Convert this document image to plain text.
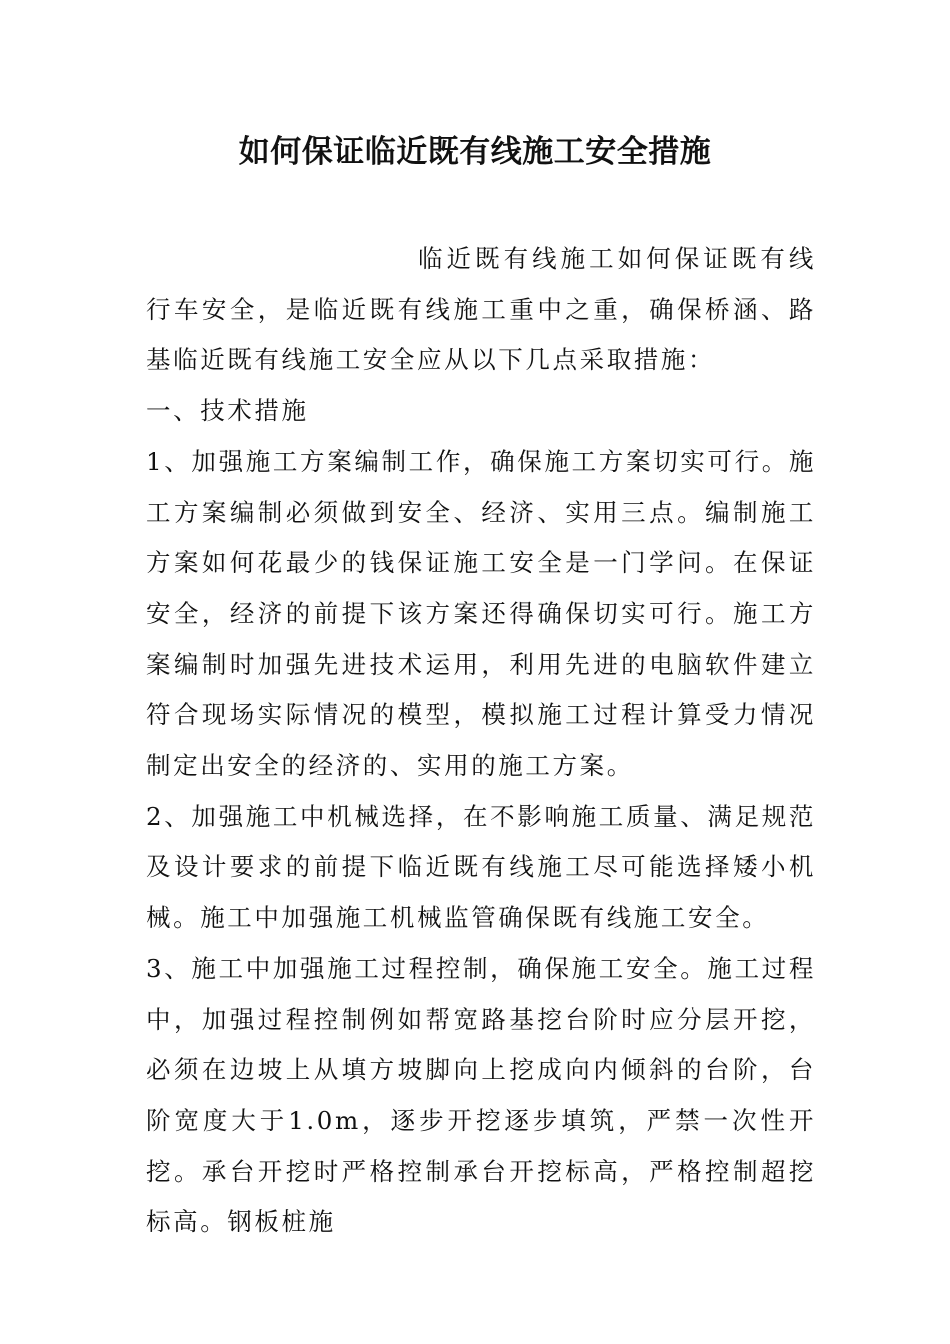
如何保证临近既有线施工安全措施

临近既有线施工如何保证既有线行车安全，是临近既有线施工重中之重，确保桥涵、路基临近既有线施工安全应从以下几点采取措施：

一、技术措施

1、加强施工方案编制工作，确保施工方案切实可行。施工方案编制必须做到安全、经济、实用三点。编制施工方案如何花最少的钱保证施工安全是一门学问。在保证安全，经济的前提下该方案还得确保切实可行。施工方案编制时加强先进技术运用，利用先进的电脑软件建立符合现场实际情况的模型，模拟施工过程计算受力情况制定出安全的经济的、实用的施工方案。

2、加强施工中机械选择，在不影响施工质量、满足规范及设计要求的前提下临近既有线施工尽可能选择矮小机械。施工中加强施工机械监管确保既有线施工安全。

3、施工中加强施工过程控制，确保施工安全。施工过程中，加强过程控制例如帮宽路基挖台阶时应分层开挖，必须在边坡上从填方坡脚向上挖成向内倾斜的台阶，台阶宽度大于1.0m，逐步开挖逐步填筑，严禁一次性开挖。承台开挖时严格控制承台开挖标高，严格控制超挖标高。钢板桩施
